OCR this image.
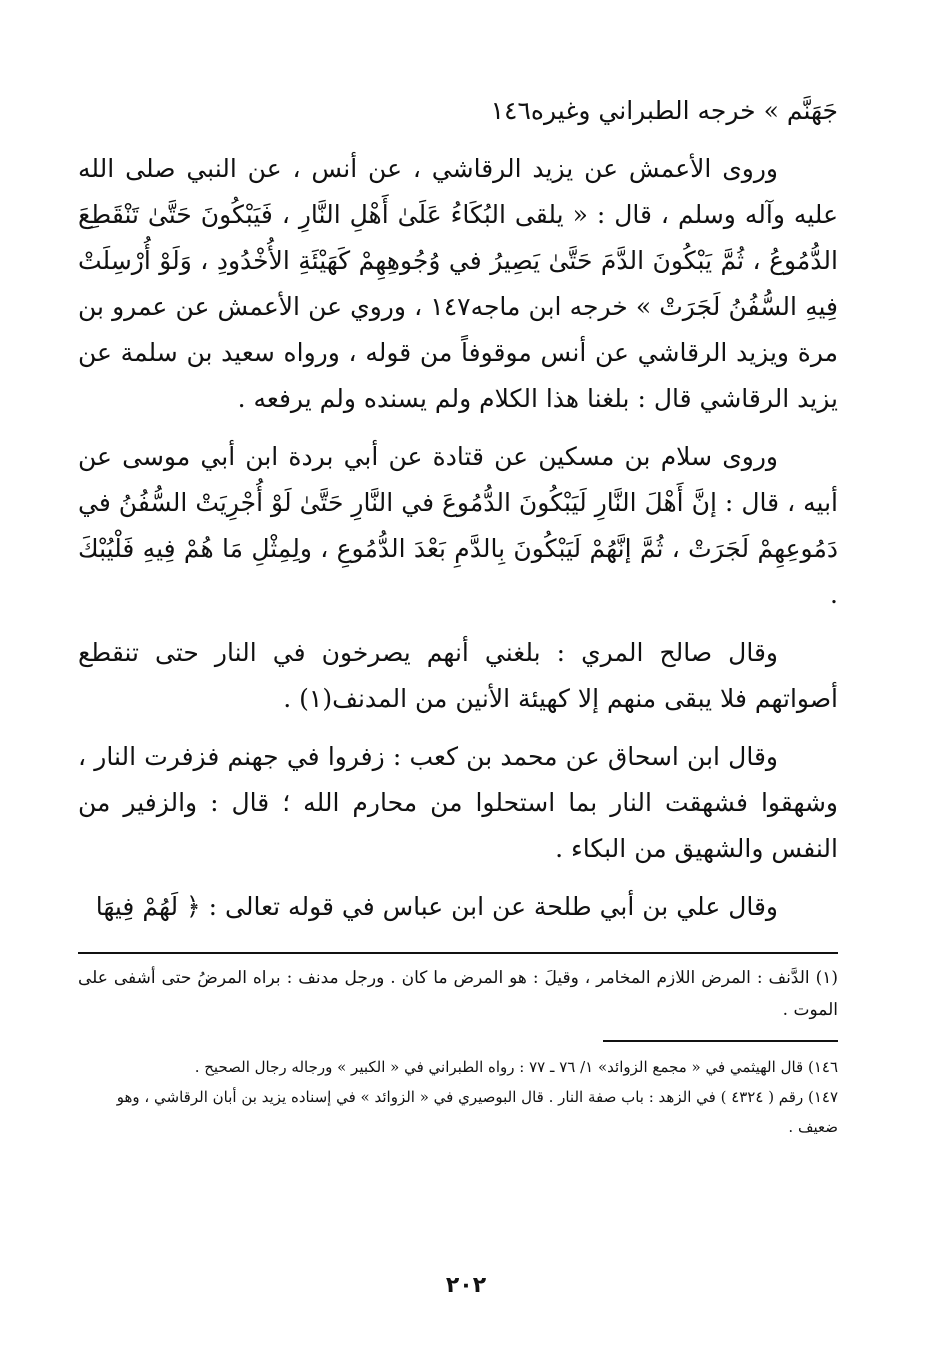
جَهَنَّم » خرجه الطبراني وغيره١٤٦

وروى الأعمش عن يزيد الرقاشي ، عن أنس ، عن النبي صلى الله عليه وآله وسلم ، قال : « يلقى البُكَاءُ عَلَىٰ أَهْلِ النَّارِ ، فَيَبْكُونَ حَتَّىٰ تَنْقَطِعَ الدُّمُوعُ ، ثُمَّ يَبْكُونَ الدَّمَ حَتَّىٰ يَصِيرُ في وُجُوهِهِمْ كَهَيْئَةِ الأُخْدُودِ ، وَلَوْ أُرْسِلَتْ فِيهِ السُّفُنُ لَجَرَتْ » خرجه ابن ماجه١٤٧ ، وروي عن الأعمش عن عمرو بن مرة ويزيد الرقاشي عن أنس موقوفاً من قوله ، ورواه سعيد بن سلمة عن يزيد الرقاشي قال : بلغنا هذا الكلام ولم يسنده ولم يرفعه .

وروى سلام بن مسكين عن قتادة عن أبي بردة ابن أبي موسى عن أبيه ، قال : إنَّ أَهْلَ النَّارِ لَيَبْكُونَ الدُّمُوعَ في النَّارِ حَتَّىٰ لَوْ أُجْرِيَتْ السُّفُنُ في دَمُوعِهِمْ لَجَرَتْ ، ثُمَّ إنَّهُمْ لَيَبْكُونَ بِالدَّمِ بَعْدَ الدُّمُوعِ ، ولِمِثْلِ مَا هُمْ فِيهِ فَلْيُبْكَ .

وقال صالح المري : بلغني أنهم يصرخون في النار حتى تنقطع أصواتهم فلا يبقى منهم إلا كهيئة الأنين من المدنف(١) .

وقال ابن اسحاق عن محمد بن كعب : زفروا في جهنم فزفرت النار ، وشهقوا فشهقت النار بما استحلوا من محارم الله ؛ قال : والزفير من النفس والشهيق من البكاء .

وقال علي بن أبي طلحة عن ابن عباس في قوله تعالى : ﴿ لَهُمْ فِيهَا

(١) الدَّنف : المرض اللازم المخامر ، وقيلَ : هو المرض ما كان . ورجل مدنف : براه المرضُ حتى أشفى على الموت .

١٤٦) قال الهيثمي في « مجمع الزوائد» ١/ ٧٦ ـ ٧٧ : رواه الطبراني في « الكبير » ورجاله رجال الصحيح .

١٤٧) رقم ( ٤٣٢٤ ) في الزهد : باب صفة النار . قال البوصيري في « الزوائد » في إسناده يزيد بن أبان الرقاشي ، وهو ضعيف .

٢٠٢
